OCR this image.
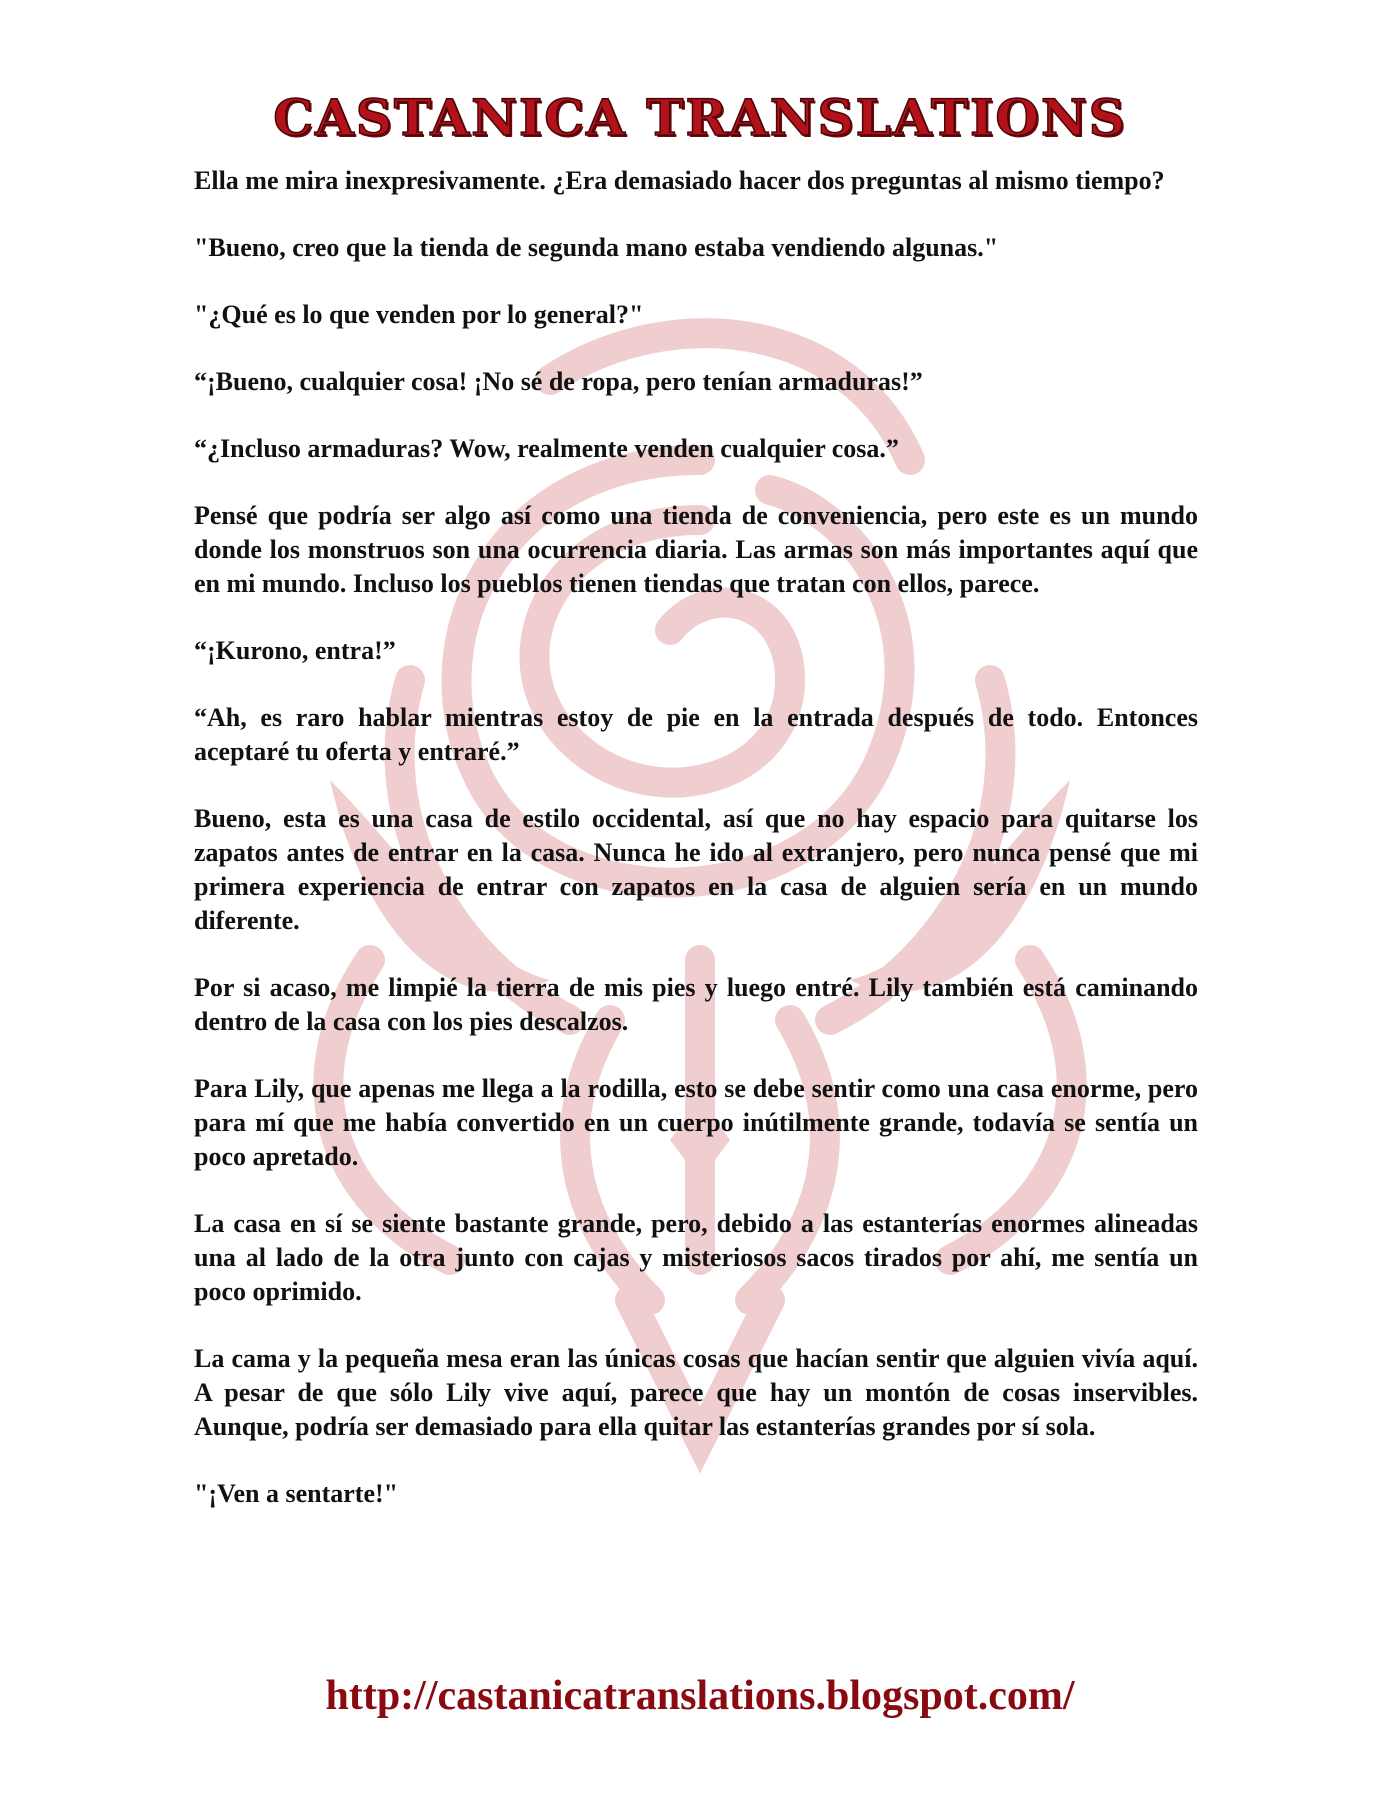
CASTANICA TRANSLATIONS

Ella me mira inexpresivamente. ¿Era demasiado hacer dos preguntas al mismo tiempo?

"Bueno, creo que la tienda de segunda mano estaba vendiendo algunas."

"¿Qué es lo que venden por lo general?"

“¡Bueno, cualquier cosa! ¡No sé de ropa, pero tenían armaduras!”

“¿Incluso armaduras? Wow, realmente venden cualquier cosa.”

Pensé que podría ser algo así como una tienda de conveniencia, pero este es un mundo donde los monstruos son una ocurrencia diaria. Las armas son más importantes aquí que en mi mundo. Incluso los pueblos tienen tiendas que tratan con ellos, parece.

“¡Kurono, entra!”

“Ah, es raro hablar mientras estoy de pie en la entrada después de todo. Entonces aceptaré tu oferta y entraré.”

Bueno, esta es una casa de estilo occidental, así que no hay espacio para quitarse los zapatos antes de entrar en la casa. Nunca he ido al extranjero, pero nunca pensé que mi primera experiencia de entrar con zapatos en la casa de alguien sería en un mundo diferente.

Por si acaso, me limpié la tierra de mis pies y luego entré. Lily también está caminando dentro de la casa con los pies descalzos.

Para Lily, que apenas me llega a la rodilla, esto se debe sentir como una casa enorme, pero para mí que me había convertido en un cuerpo inútilmente grande, todavía se sentía un poco apretado.

La casa en sí se siente bastante grande, pero, debido a las estanterías enormes alineadas una al lado de la otra junto con cajas y misteriosos sacos tirados por ahí, me sentía un poco oprimido.

La cama y la pequeña mesa eran las únicas cosas que hacían sentir que alguien vivía aquí. A pesar de que sólo Lily vive aquí, parece que hay un montón de cosas inservibles. Aunque, podría ser demasiado para ella quitar las estanterías grandes por sí sola.

"¡Ven a sentarte!"

http://castanicatranslations.blogspot.com/
